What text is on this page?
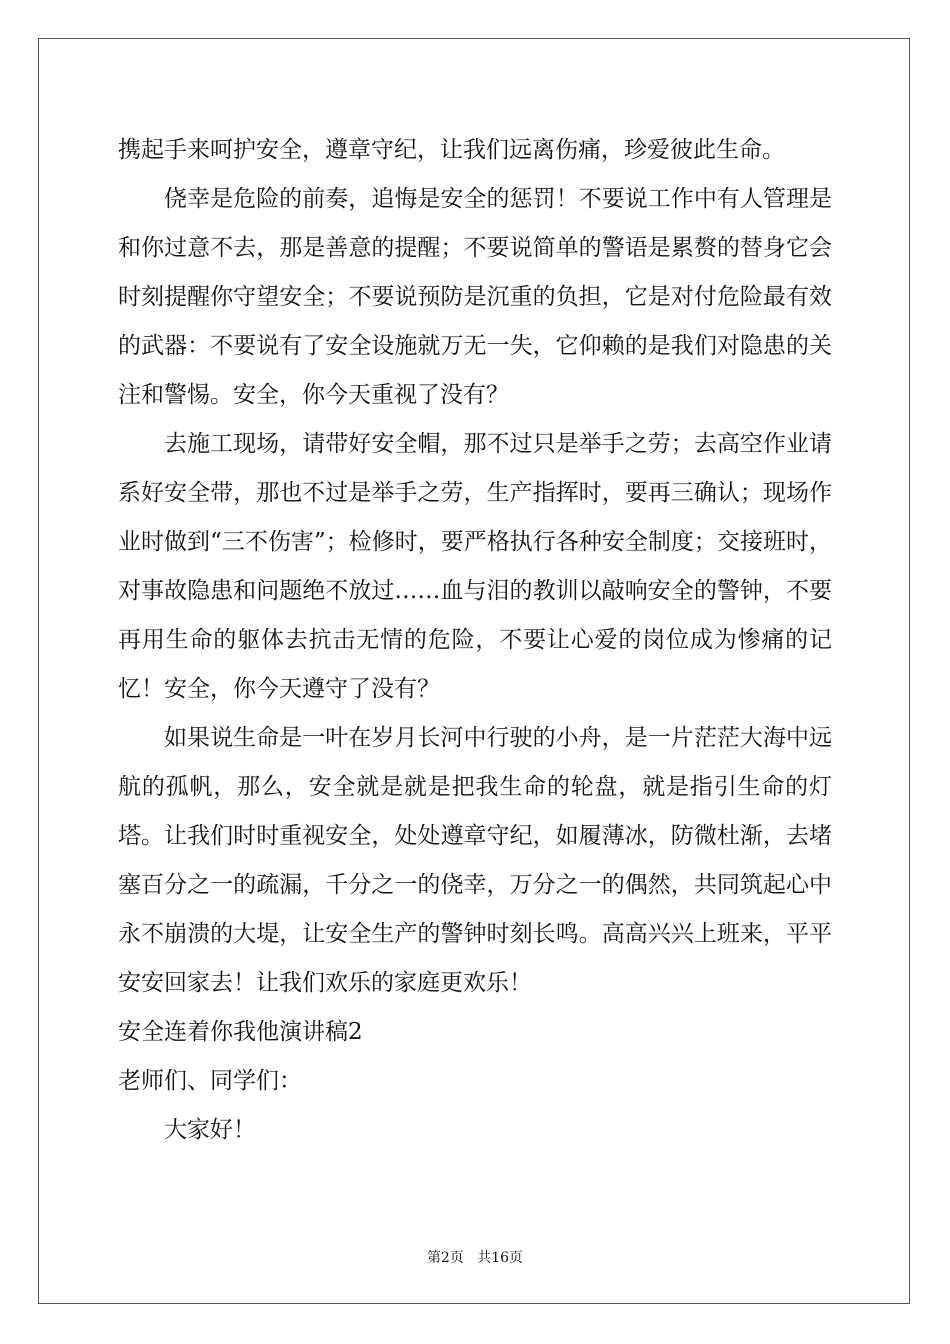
携起手来呵护安全，遵章守纪，让我们远离伤痛，珍爱彼此生命。

侥幸是危险的前奏，追悔是安全的惩罚！不要说工作中有人管理是和你过意不去，那是善意的提醒；不要说简单的警语是累赘的替身它会时刻提醒你守望安全；不要说预防是沉重的负担，它是对付危险最有效的武器：不要说有了安全设施就万无一失，它仰赖的是我们对隐患的关注和警惕。安全，你今天重视了没有？

去施工现场，请带好安全帽，那不过只是举手之劳；去高空作业请系好安全带，那也不过是举手之劳，生产指挥时，要再三确认；现场作业时做到“三不伤害”；检修时，要严格执行各种安全制度；交接班时，对事故隐患和问题绝不放过……血与泪的教训以敲响安全的警钟，不要再用生命的躯体去抗击无情的危险，不要让心爱的岗位成为惨痛的记忆！安全，你今天遵守了没有？

如果说生命是一叶在岁月长河中行驶的小舟，是一片茫茫大海中远航的孤帆，那么，安全就是就是把我生命的轮盘，就是指引生命的灯塔。让我们时时重视安全，处处遵章守纪，如履薄冰，防微杜渐，去堵塞百分之一的疏漏，千分之一的侥幸，万分之一的偶然，共同筑起心中永不崩溃的大堤，让安全生产的警钟时刻长鸣。高高兴兴上班来，平平安安回家去！让我们欢乐的家庭更欢乐！

安全连着你我他演讲稿2

老师们、同学们：

大家好！

第2页 共16页
